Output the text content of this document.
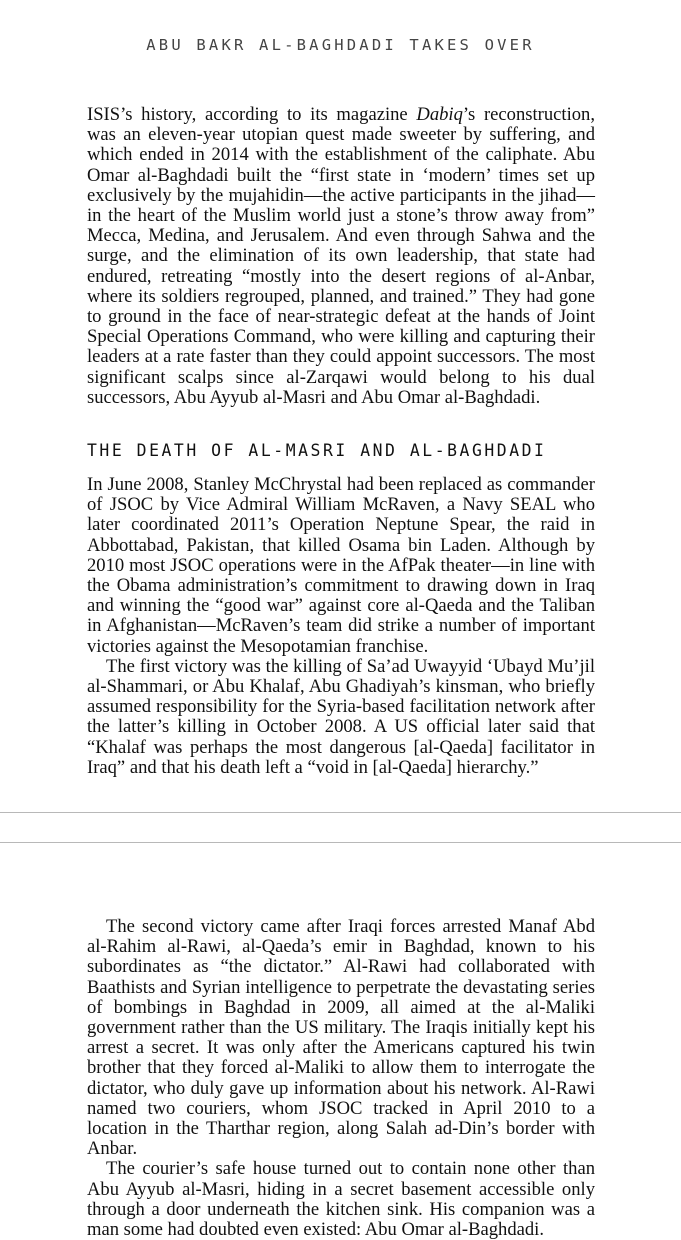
ABU BAKR AL-BAGHDADI TAKES OVER

ISIS’s history, according to its magazine Dabiq’s reconstruction, was an eleven-year utopian quest made sweeter by suffering, and which ended in 2014 with the establishment of the caliphate. Abu Omar al-Baghdadi built the “first state in ‘modern’ times set up exclusively by the mujahidin—the active participants in the jihad—in the heart of the Muslim world just a stone’s throw away from” Mecca, Medina, and Jerusalem. And even through Sahwa and the surge, and the elimination of its own leadership, that state had endured, retreating “mostly into the desert regions of al-Anbar, where its soldiers regrouped, planned, and trained.” They had gone to ground in the face of near-strategic defeat at the hands of Joint Special Operations Command, who were killing and capturing their leaders at a rate faster than they could appoint successors. The most significant scalps since al-Zarqawi would belong to his dual successors, Abu Ayyub al-Masri and Abu Omar al-Baghdadi.

THE DEATH OF AL-MASRI AND AL-BAGHDADI

In June 2008, Stanley McChrystal had been replaced as commander of JSOC by Vice Admiral William McRaven, a Navy SEAL who later coordinated 2011’s Operation Neptune Spear, the raid in Abbottabad, Pakistan, that killed Osama bin Laden. Although by 2010 most JSOC operations were in the AfPak theater—in line with the Obama administration’s commitment to drawing down in Iraq and winning the “good war” against core al-Qaeda and the Taliban in Afghanistan—McRaven’s team did strike a number of important victories against the Mesopotamian franchise.

The first victory was the killing of Sa’ad Uwayyid ‘Ubayd Mu’jil al-Shammari, or Abu Khalaf, Abu Ghadiyah’s kinsman, who briefly assumed responsibility for the Syria-based facilitation network after the latter’s killing in October 2008. A US official later said that “Khalaf was perhaps the most dangerous [al-Qaeda] facilitator in Iraq” and that his death left a “void in [al-Qaeda] hierarchy.”

The second victory came after Iraqi forces arrested Manaf Abd al-Rahim al-Rawi, al-Qaeda’s emir in Baghdad, known to his subordinates as “the dictator.” Al-Rawi had collaborated with Baathists and Syrian intelligence to perpetrate the devastating series of bombings in Baghdad in 2009, all aimed at the al-Maliki government rather than the US military. The Iraqis initially kept his arrest a secret. It was only after the Americans captured his twin brother that they forced al-Maliki to allow them to interrogate the dictator, who duly gave up information about his network. Al-Rawi named two couriers, whom JSOC tracked in April 2010 to a location in the Tharthar region, along Salah ad-Din’s border with Anbar.

The courier’s safe house turned out to contain none other than Abu Ayyub al-Masri, hiding in a secret basement accessible only through a door underneath the kitchen sink. His companion was a man some had doubted even existed: Abu Omar al-Baghdadi.
